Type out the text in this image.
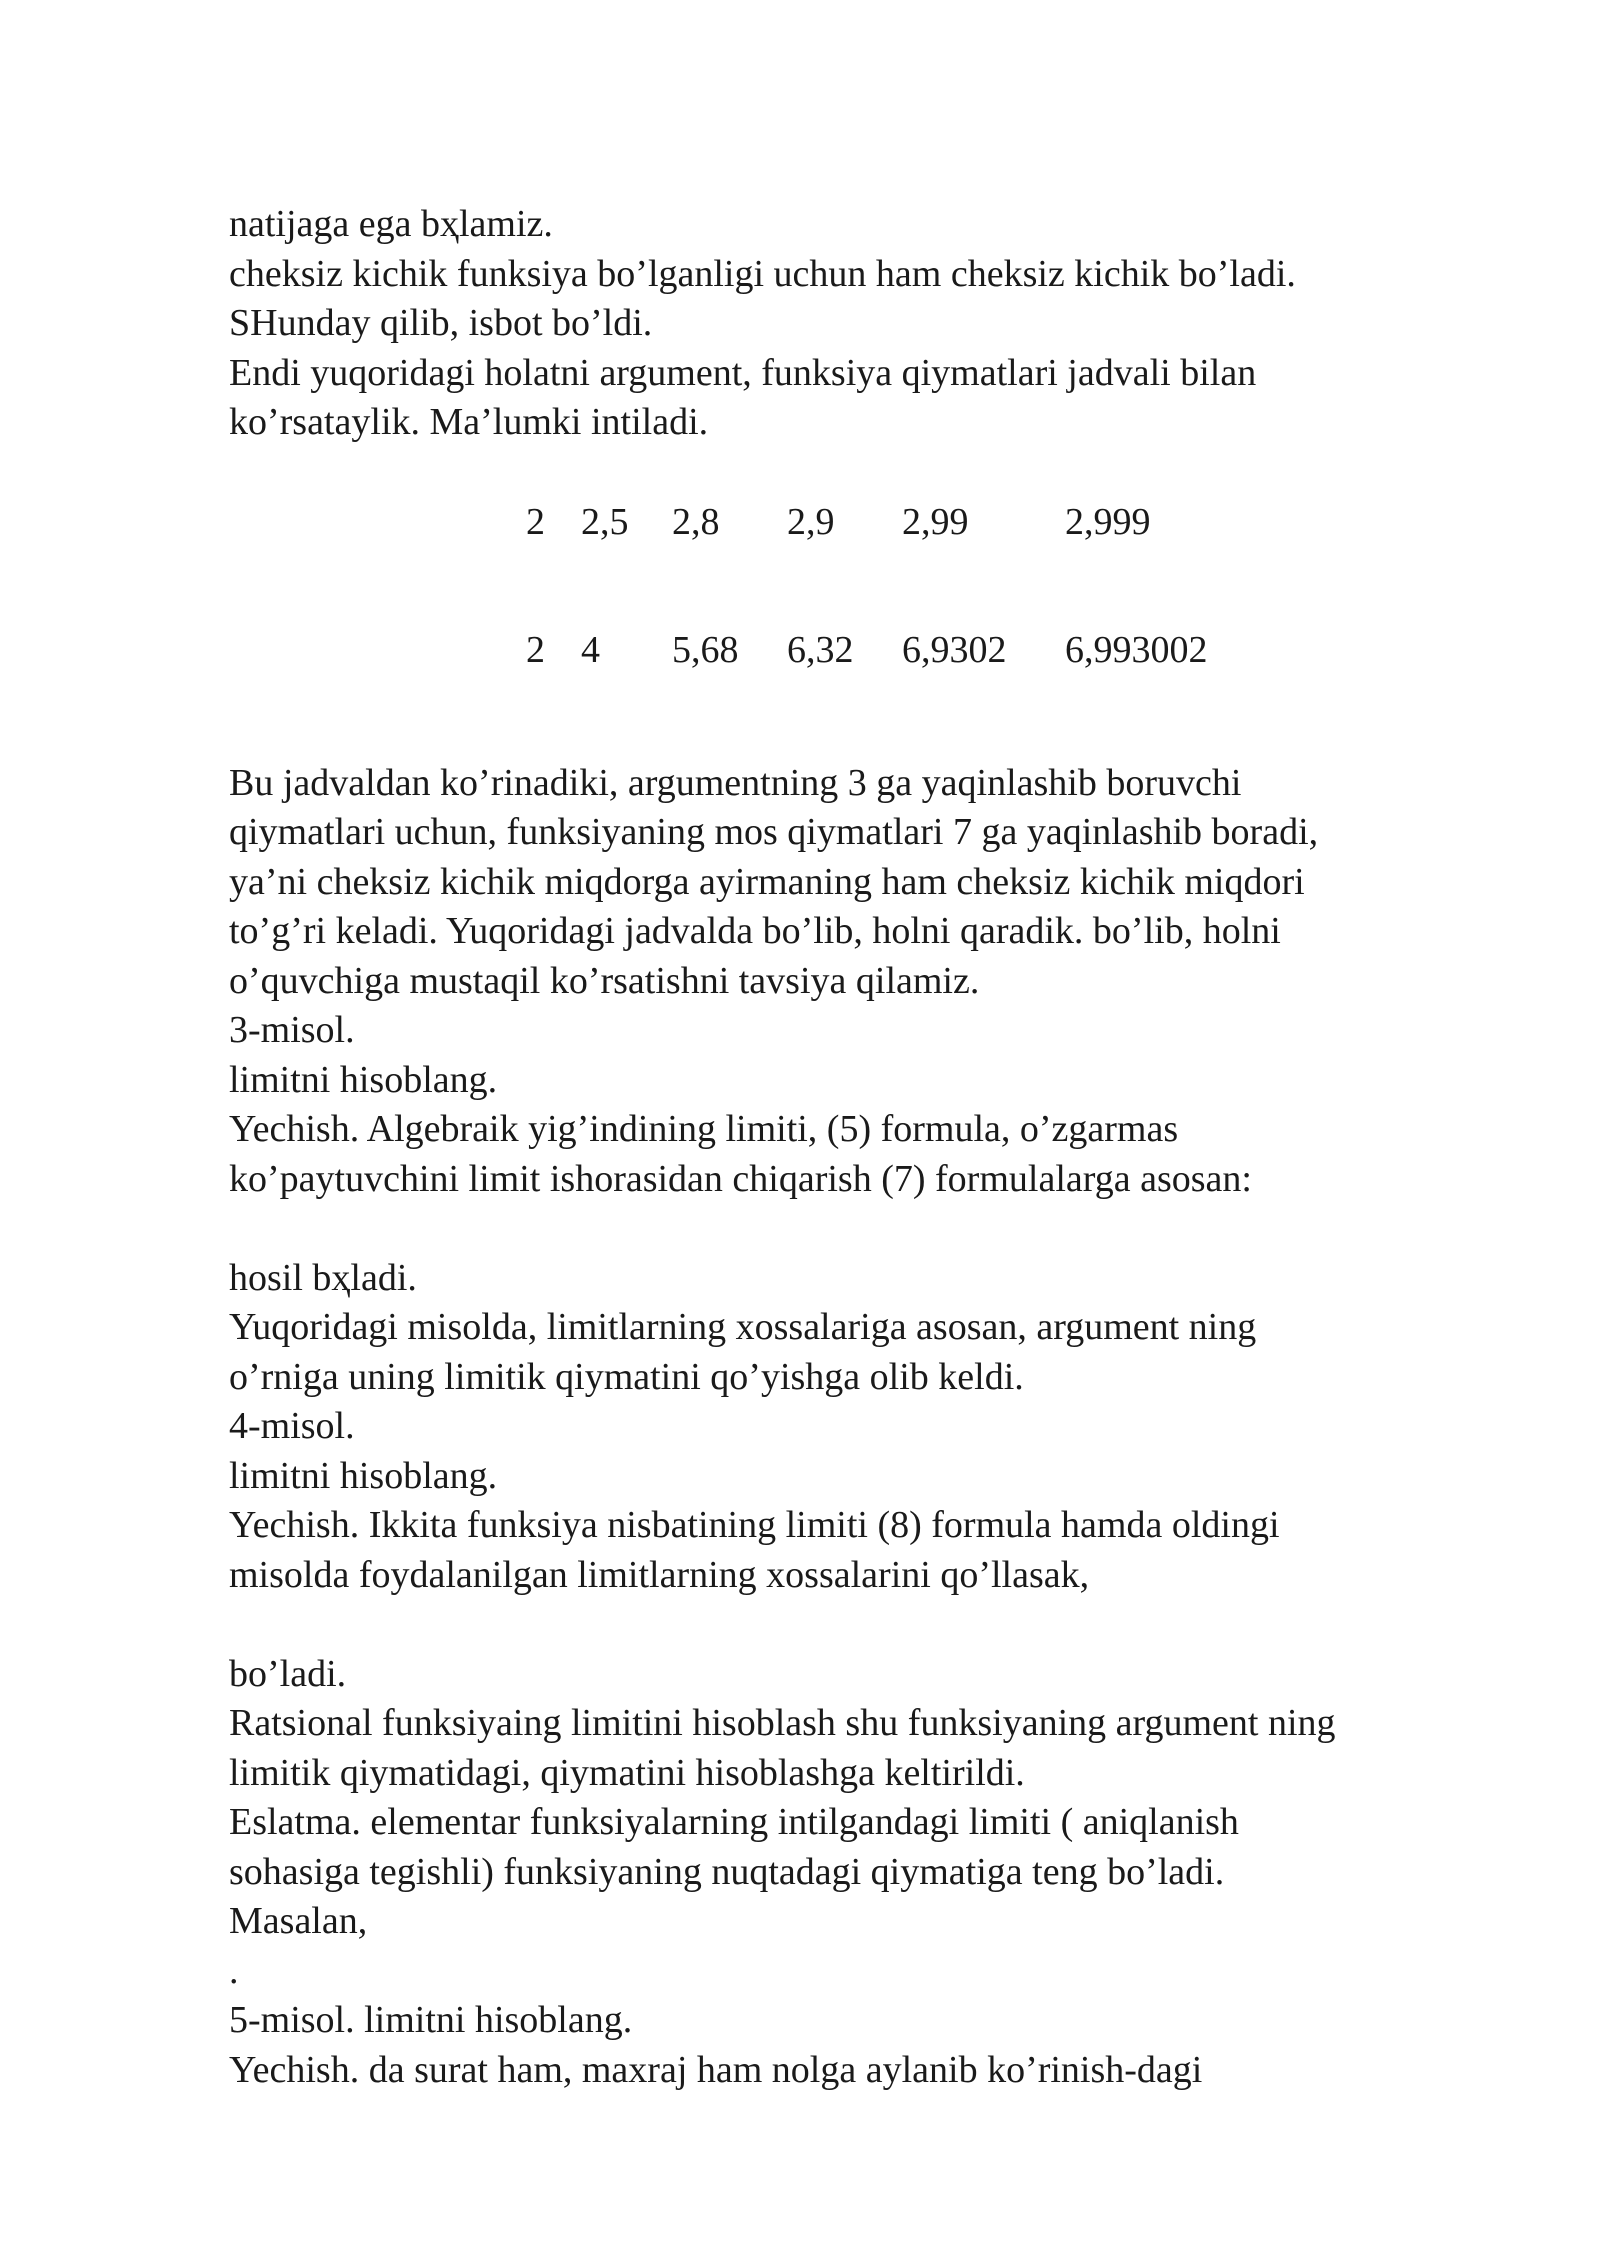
natijaga ega bҳlamiz.
cheksiz kichik funksiya bo’lganligi uchun ham cheksiz kichik bo’ladi.
SHunday qilib, isbot bo’ldi.
Endi yuqoridagi holatni argument, funksiya qiymatlari jadvali bilan
ko’rsataylik. Ma’lumki intiladi.
2 2,5 2,8 2,9 2,99	2,999
2 4 5,68 6,32 6,9302 6,993002
Bu jadvaldan ko’rinadiki, argumentning 3 ga yaqinlashib boruvchi
qiymatlari uchun, funksiyaning mos qiymatlari 7 ga yaqinlashib boradi,
ya’ni cheksiz kichik miqdorga ayirmaning ham cheksiz kichik miqdori
to’g’ri keladi. Yuqoridagi jadvalda bo’lib, holni qaradik. bo’lib, holni
o’quvchiga mustaqil ko’rsatishni tavsiya qilamiz.
3-misol.
limitni hisoblang.
Yechish. Algebraik yig’indining limiti, (5) formula, o’zgarmas
ko’paytuvchini limit ishorasidan chiqarish (7) formulalarga asosan:
hosil bҳladi.
Yuqoridagi misolda, limitlarning xossalariga asosan, argument ning
o’rniga uning limitik qiymatini qo’yishga olib keldi.
4-misol.
limitni hisoblang.
Yechish. Ikkita funksiya nisbatining limiti (8) formula hamda oldingi
misolda foydalanilgan limitlarning xossalarini qo’llasak,
bo’ladi.
Ratsional funksiyaing limitini hisoblash shu funksiyaning argument ning
limitik qiymatidagi, qiymatini hisoblashga keltirildi.
Eslatma. elementar funksiyalarning intilgandagi limiti ( aniqlanish
sohasiga tegishli) funksiyaning nuqtadagi qiymatiga teng bo’ladi.
Masalan,
.
5-misol. limitni hisoblang.
Yechish. da surat ham, maxraj ham nolga aylanib ko’rinish-dagi
